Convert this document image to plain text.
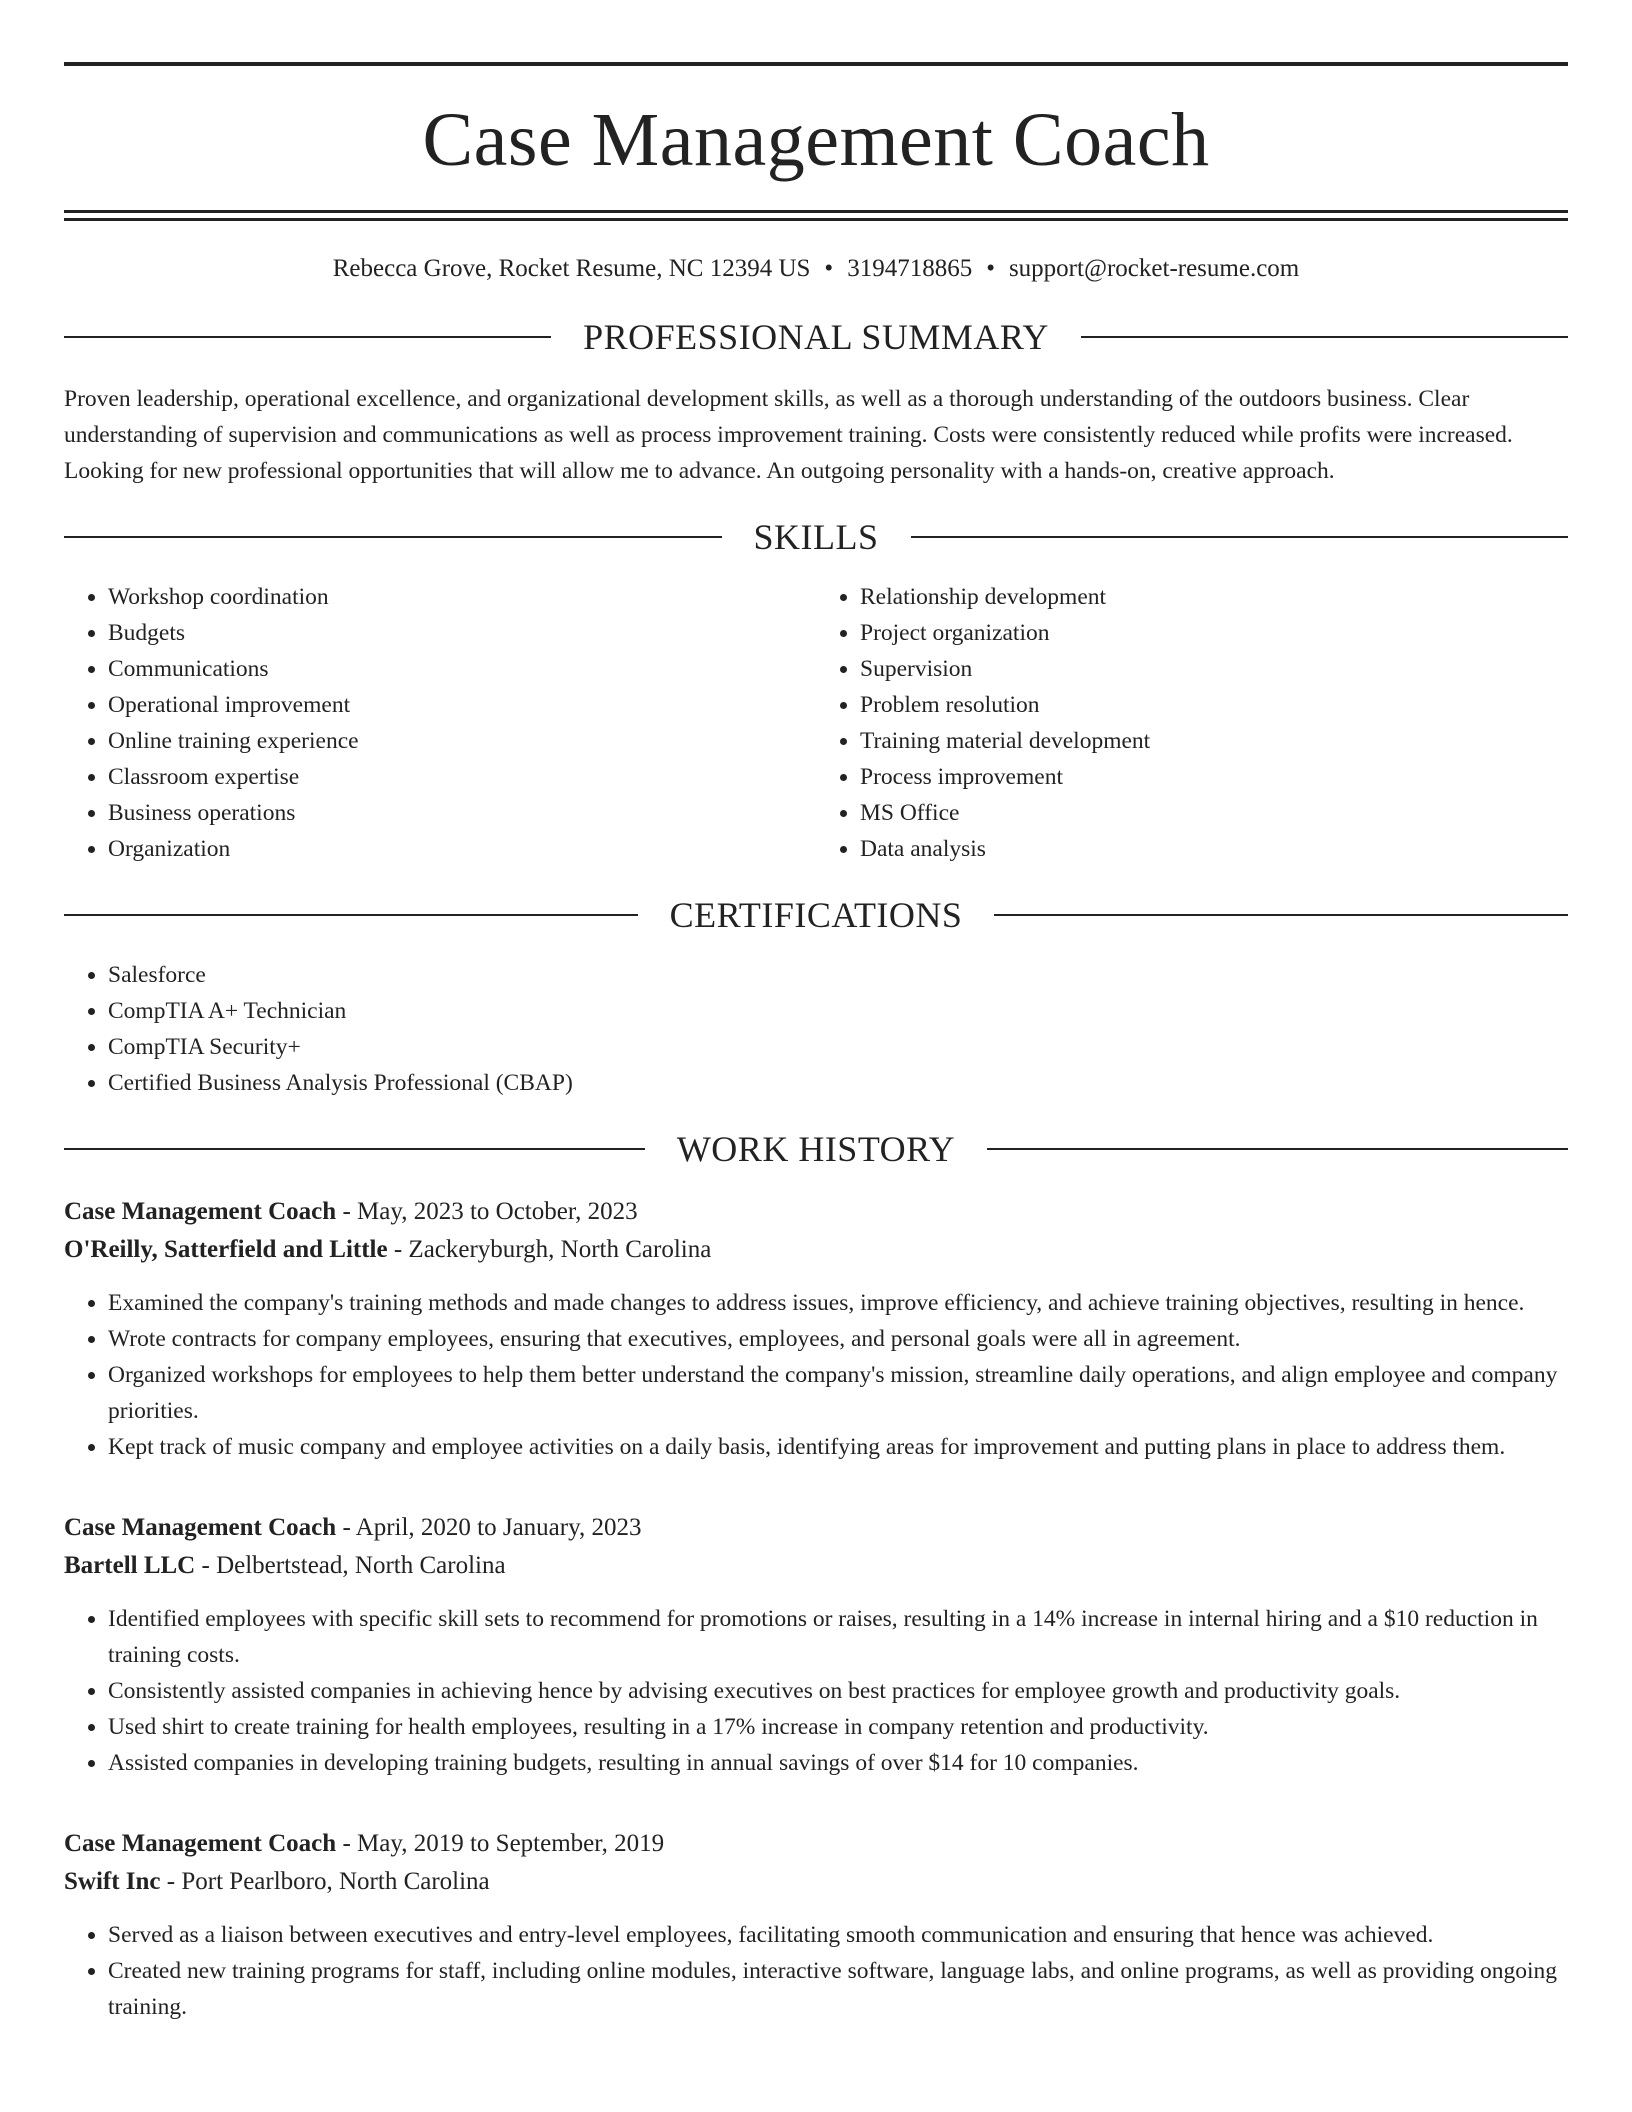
Case Management Coach
Rebecca Grove, Rocket Resume, NC 12394 US • 3194718865 • support@rocket-resume.com
PROFESSIONAL SUMMARY
Proven leadership, operational excellence, and organizational development skills, as well as a thorough understanding of the outdoors business. Clear understanding of supervision and communications as well as process improvement training. Costs were consistently reduced while profits were increased. Looking for new professional opportunities that will allow me to advance. An outgoing personality with a hands-on, creative approach.
SKILLS
• Workshop coordination
• Budgets
• Communications
• Operational improvement
• Online training experience
• Classroom expertise
• Business operations
• Organization
• Relationship development
• Project organization
• Supervision
• Problem resolution
• Training material development
• Process improvement
• MS Office
• Data analysis
CERTIFICATIONS
• Salesforce
• CompTIA A+ Technician
• CompTIA Security+
• Certified Business Analysis Professional (CBAP)
WORK HISTORY
Case Management Coach - May, 2023 to October, 2023
O'Reilly, Satterfield and Little - Zackeryburgh, North Carolina
• Examined the company's training methods and made changes to address issues, improve efficiency, and achieve training objectives, resulting in hence.
• Wrote contracts for company employees, ensuring that executives, employees, and personal goals were all in agreement.
• Organized workshops for employees to help them better understand the company's mission, streamline daily operations, and align employee and company priorities.
• Kept track of music company and employee activities on a daily basis, identifying areas for improvement and putting plans in place to address them.
Case Management Coach - April, 2020 to January, 2023
Bartell LLC - Delbertstead, North Carolina
• Identified employees with specific skill sets to recommend for promotions or raises, resulting in a 14% increase in internal hiring and a $10 reduction in training costs.
• Consistently assisted companies in achieving hence by advising executives on best practices for employee growth and productivity goals.
• Used shirt to create training for health employees, resulting in a 17% increase in company retention and productivity.
• Assisted companies in developing training budgets, resulting in annual savings of over $14 for 10 companies.
Case Management Coach - May, 2019 to September, 2019
Swift Inc - Port Pearlboro, North Carolina
• Served as a liaison between executives and entry-level employees, facilitating smooth communication and ensuring that hence was achieved.
• Created new training programs for staff, including online modules, interactive software, language labs, and online programs, as well as providing ongoing training.
